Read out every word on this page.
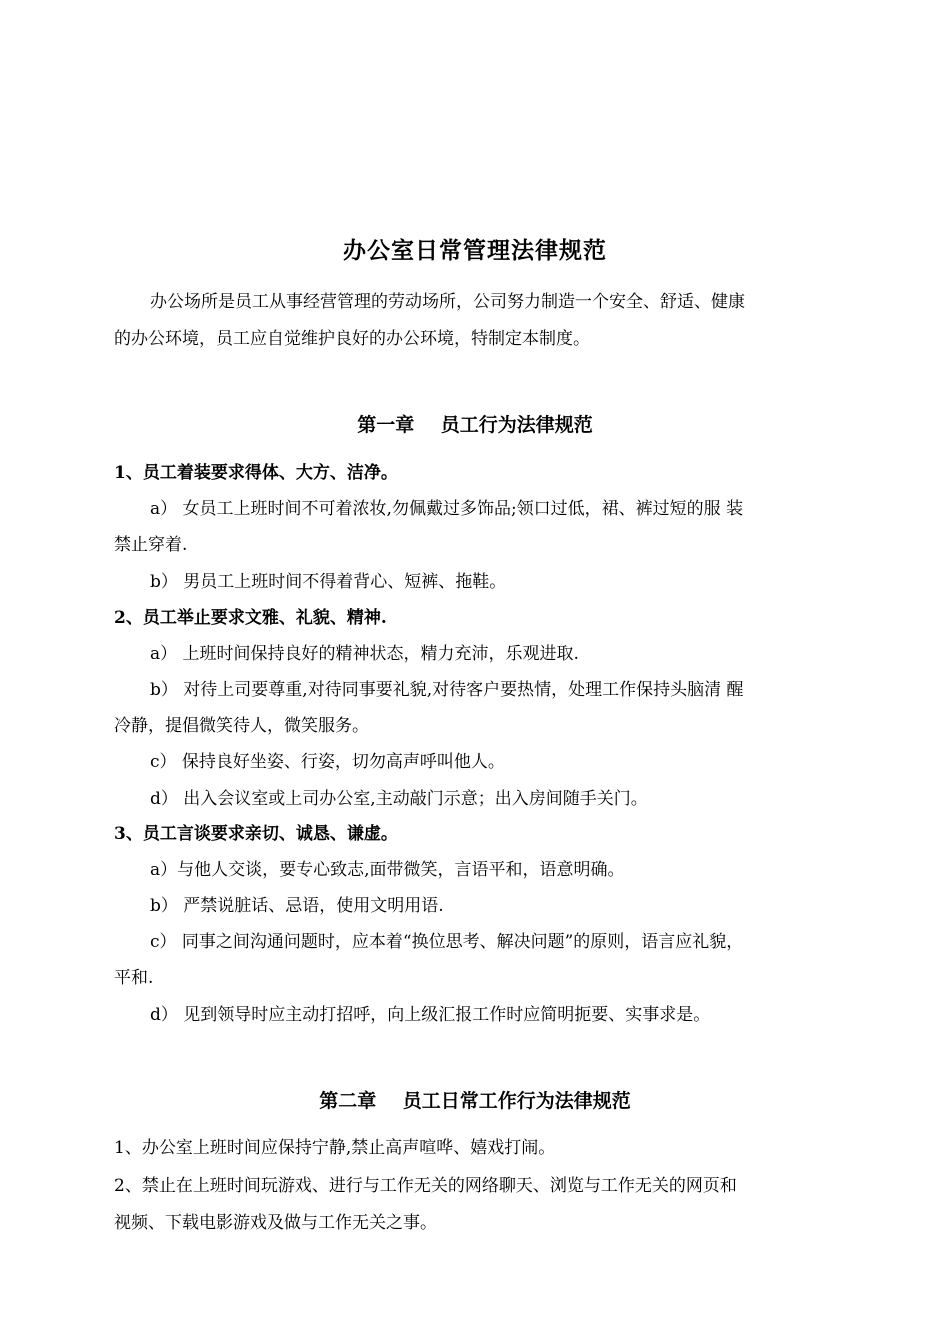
办公室日常管理法律规范
办公场所是员工从事经营管理的劳动场所，公司努力制造一个安全、舒适、健康
的办公环境，员工应自觉维护良好的办公环境，特制定本制度。
第一章    员工行为法律规范
1、员工着装要求得体、大方、洁净。
a） 女员工上班时间不可着浓妆,勿佩戴过多饰品;领口过低，裙、裤过短的服 装
禁止穿着.
b） 男员工上班时间不得着背心、短裤、拖鞋。
2、员工举止要求文雅、礼貌、精神.
a） 上班时间保持良好的精神状态，精力充沛，乐观进取.
b） 对待上司要尊重,对待同事要礼貌,对待客户要热情，处理工作保持头脑清 醒
冷静，提倡微笑待人，微笑服务。
c） 保持良好坐姿、行姿，切勿高声呼叫他人。
d） 出入会议室或上司办公室,主动敲门示意；出入房间随手关门。
3、员工言谈要求亲切、诚恳、谦虚。
a）与他人交谈，要专心致志,面带微笑，言语平和，语意明确。
b） 严禁说脏话、忌语，使用文明用语.
c） 同事之间沟通问题时，应本着“换位思考、解决问题”的原则，语言应礼貌，
平和.
d） 见到领导时应主动打招呼，向上级汇报工作时应简明扼要、实事求是。
第二章    员工日常工作行为法律规范
1、办公室上班时间应保持宁静,禁止高声喧哗、嬉戏打闹。
2、禁止在上班时间玩游戏、进行与工作无关的网络聊天、浏览与工作无关的网页和
视频、下载电影游戏及做与工作无关之事。
